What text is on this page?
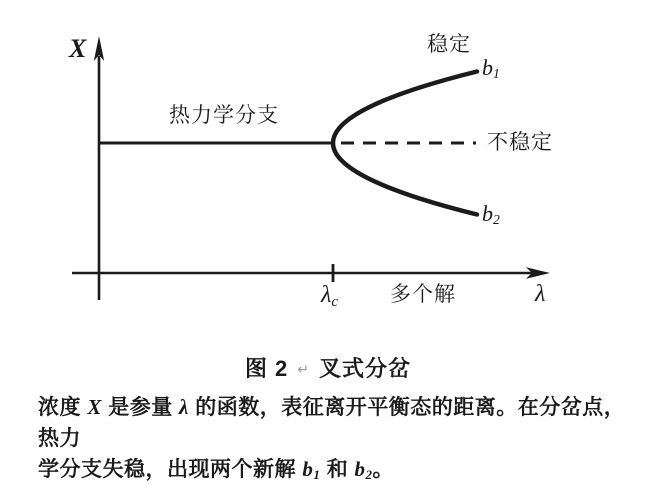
X
热力学分支
稳定
$b_1$
不稳定
$b_2$
$\lambda_c$ 多个解	λ
图 2 ↵ 叉式分岔
浓度 X 是参量 λ 的函数，表征离开平衡态的距离。在分岔点，热力
学分支失稳，出现两个新解 $b_1$ 和 $b_2$。
